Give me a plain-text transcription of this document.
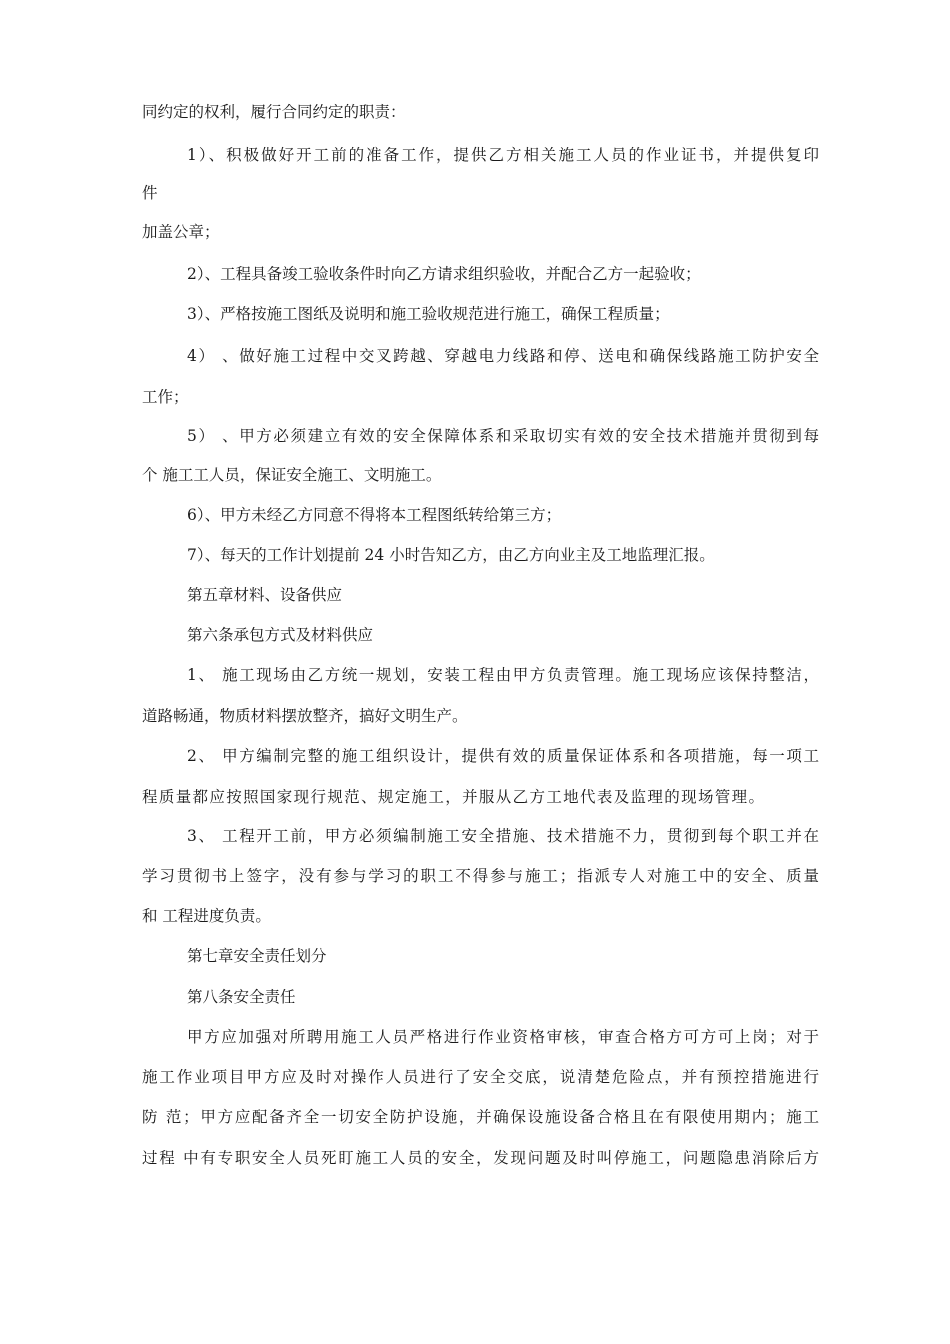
同约定的权利，履行合同约定的职责：
1）、积极做好开工前的准备工作，提供乙方相关施工人员的作业证书，并提供复印
件
加盖公章；
2）、工程具备竣工验收条件时向乙方请求组织验收，并配合乙方一起验收；
3）、严格按施工图纸及说明和施工验收规范进行施工，确保工程质量；
4） 、做好施工过程中交叉跨越、穿越电力线路和停、送电和确保线路施工防护安全
工作；
5） 、甲方必须建立有效的安全保障体系和采取切实有效的安全技术措施并贯彻到每
个 施工工人员，保证安全施工、文明施工。
6）、甲方未经乙方同意不得将本工程图纸转给第三方；
7）、每天的工作计划提前 24 小时告知乙方，由乙方向业主及工地监理汇报。
第五章材料、设备供应
第六条承包方式及材料供应
1、 施工现场由乙方统一规划，安装工程由甲方负责管理。施工现场应该保持整洁，
道路畅通，物质材料摆放整齐，搞好文明生产。
2、 甲方编制完整的施工组织设计，提供有效的质量保证体系和各项措施，每一项工
程质量都应按照国家现行规范、规定施工，并服从乙方工地代表及监理的现场管理。
3、 工程开工前，甲方必须编制施工安全措施、技术措施不力，贯彻到每个职工并在
学习贯彻书上签字，没有参与学习的职工不得参与施工；指派专人对施工中的安全、质量
和 工程进度负责。
第七章安全责任划分
第八条安全责任
甲方应加强对所聘用施工人员严格进行作业资格审核，审查合格方可方可上岗；对于
施工作业项目甲方应及时对操作人员进行了安全交底，说清楚危险点，并有预控措施进行
防 范；甲方应配备齐全一切安全防护设施，并确保设施设备合格且在有限使用期内；施工
过程 中有专职安全人员死盯施工人员的安全，发现问题及时叫停施工，问题隐患消除后方
